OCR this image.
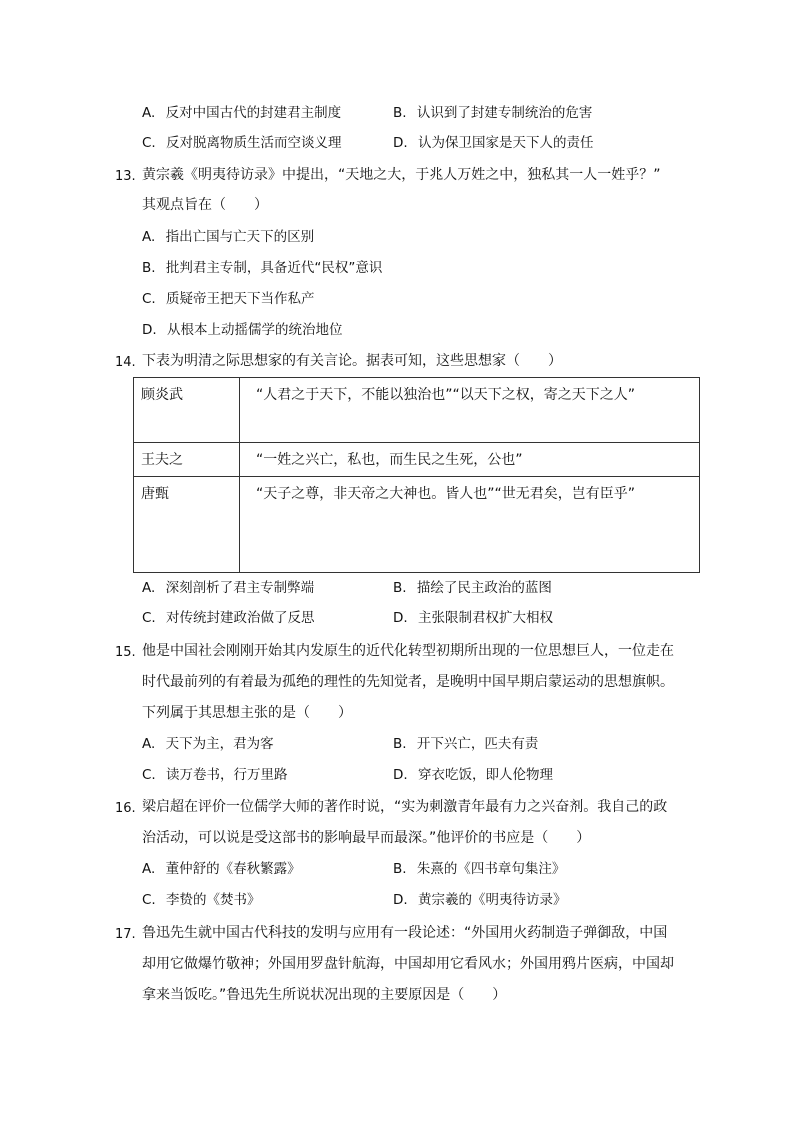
A. 反对中国古代的封建君主制度	B. 认识到了封建专制统治的危害
C. 反对脱离物质生活而空谈义理	D. 认为保卫国家是天下人的责任
13. 黄宗羲《明夷待访录》中提出，“天地之大，于兆人万姓之中，独私其一人一姓乎？”
其观点旨在（　　）
A. 指出亡国与亡天下的区别
B. 批判君主专制，具备近代“民权”意识
C. 质疑帝王把天下当作私产
D. 从根本上动摇儒学的统治地位
14. 下表为明清之际思想家的有关言论。据表可知，这些思想家（　　）
顾炎武	“人君之于天下，不能以独治也”“以天下之权，寄之天下之人”
王夫之	“一姓之兴亡，私也，而生民之生死，公也”
唐甄	“天子之尊，非天帝之大神也。皆人也”“世无君矣，岂有臣乎”
A. 深刻剖析了君主专制弊端	B. 描绘了民主政治的蓝图
C. 对传统封建政治做了反思	D. 主张限制君权扩大相权
15. 他是中国社会刚刚开始其内发原生的近代化转型初期所出现的一位思想巨人，一位走在
时代最前列的有着最为孤绝的理性的先知觉者，是晚明中国早期启蒙运动的思想旗帜。
下列属于其思想主张的是（　　）
A. 天下为主，君为客	B. 开下兴亡，匹夫有责
C. 读万卷书，行万里路	D. 穿衣吃饭，即人伦物理
16. 梁启超在评价一位儒学大师的著作时说，“实为刺激青年最有力之兴奋剂。我自己的政
治活动，可以说是受这部书的影响最早而最深。”他评价的书应是（　　）
A. 董仲舒的《春秋繁露》	B. 朱熹的《四书章句集注》
C. 李贽的《焚书》	D. 黄宗羲的《明夷待访录》
17. 鲁迅先生就中国古代科技的发明与应用有一段论述：“外国用火药制造子弹御敌，中国
却用它做爆竹敬神；外国用罗盘针航海，中国却用它看风水；外国用鸦片医病，中国却
拿来当饭吃。”鲁迅先生所说状况出现的主要原因是（　　）
